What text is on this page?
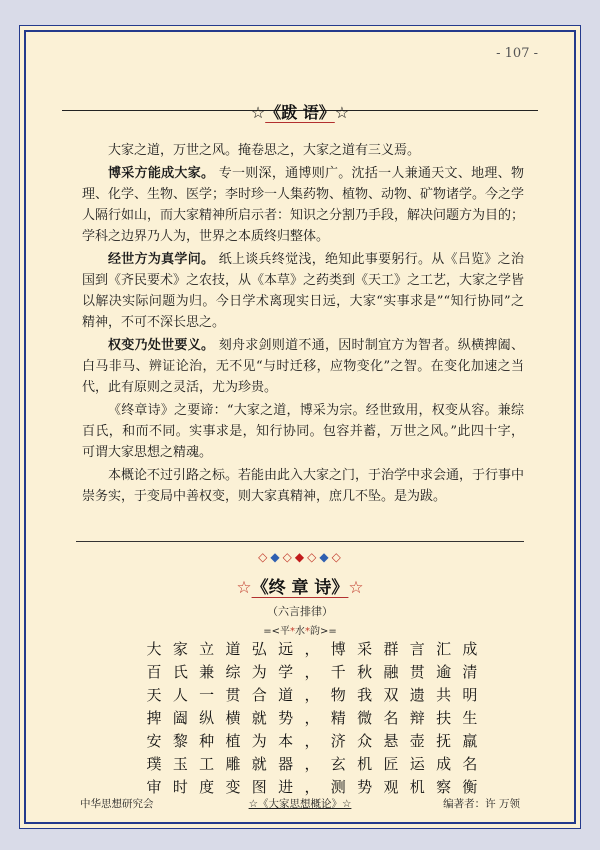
- 107 -
☆《跋 语》☆

大家之道，万世之风。掩卷思之，大家之道有三义焉。

博采方能成大家。 专一则深，通博则广。沈括一人兼通天文、地理、物理、化学、生物、医学；李时珍一人集药物、植物、动物、矿物诸学。今之学人隔行如山，而大家精神所启示者：知识之分割乃手段，解决问题方为目的；学科之边界乃人为，世界之本质终归整体。

经世方为真学问。 纸上谈兵终觉浅，绝知此事要躬行。从《吕览》之治国到《齐民要术》之农技，从《本草》之药类到《天工》之工艺，大家之学皆以解决实际问题为归。今日学术离现实日远，大家“实事求是”“知行协同”之精神，不可不深长思之。

权变乃处世要义。 刻舟求剑则道不通，因时制宜方为智者。纵横捭阖、白马非马、辨证论治，无不见“与时迁移，应物变化”之智。在变化加速之当代，此有原则之灵活，尤为珍贵。

《终章诗》之要谛：“大家之道，博采为宗。经世致用，权变从容。兼综百氏，和而不同。实事求是，知行协同。包容并蓄，万世之风。”此四十字，可谓大家思想之精魂。

本概论不过引路之标。若能由此入大家之门，于治学中求会通，于行事中崇务实，于变局中善权变，则大家真精神，庶几不坠。是为跋。

◇ ◆ ◇ ◆ ◇ ◆ ◇
☆《终 章 诗》☆
（六言排律）
=<平*水*韵>=
大 家 立 道 弘 远 ， 博 采 群 言 汇 成
百 氏 兼 综 为 学 ， 千 秋 融 贯 逾 清
天 人 一 贯 合 道 ， 物 我 双 遗 共 明
捭 阖 纵 横 就 势 ， 精 微 名 辩 扶 生
安 黎 种 植 为 本 ， 济 众 悬 壶 抚 羸
璞 玉 工 雕 就 器 ， 玄 机 匠 运 成 名
审 时 度 变 图 进 ， 测 势 观 机 察 衡
中华思想研究会	☆《大家思想概论》☆	编著者：许 万领
